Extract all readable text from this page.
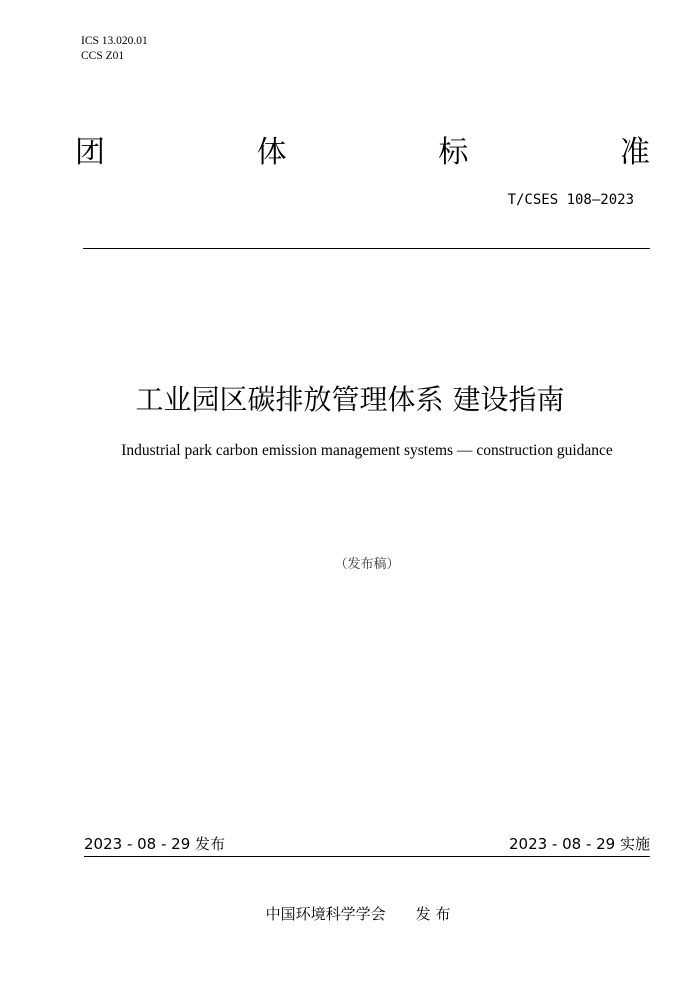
ICS 13.020.01
CCS Z01
团	体	标	准
T/CSES 108—2023
工业园区碳排放管理体系 建设指南
Industrial park carbon emission management systems — construction guidance
（发布稿）
2023 - 08 - 29 发布	2023 - 08 - 29 实施
中国环境科学学会　　发 布
